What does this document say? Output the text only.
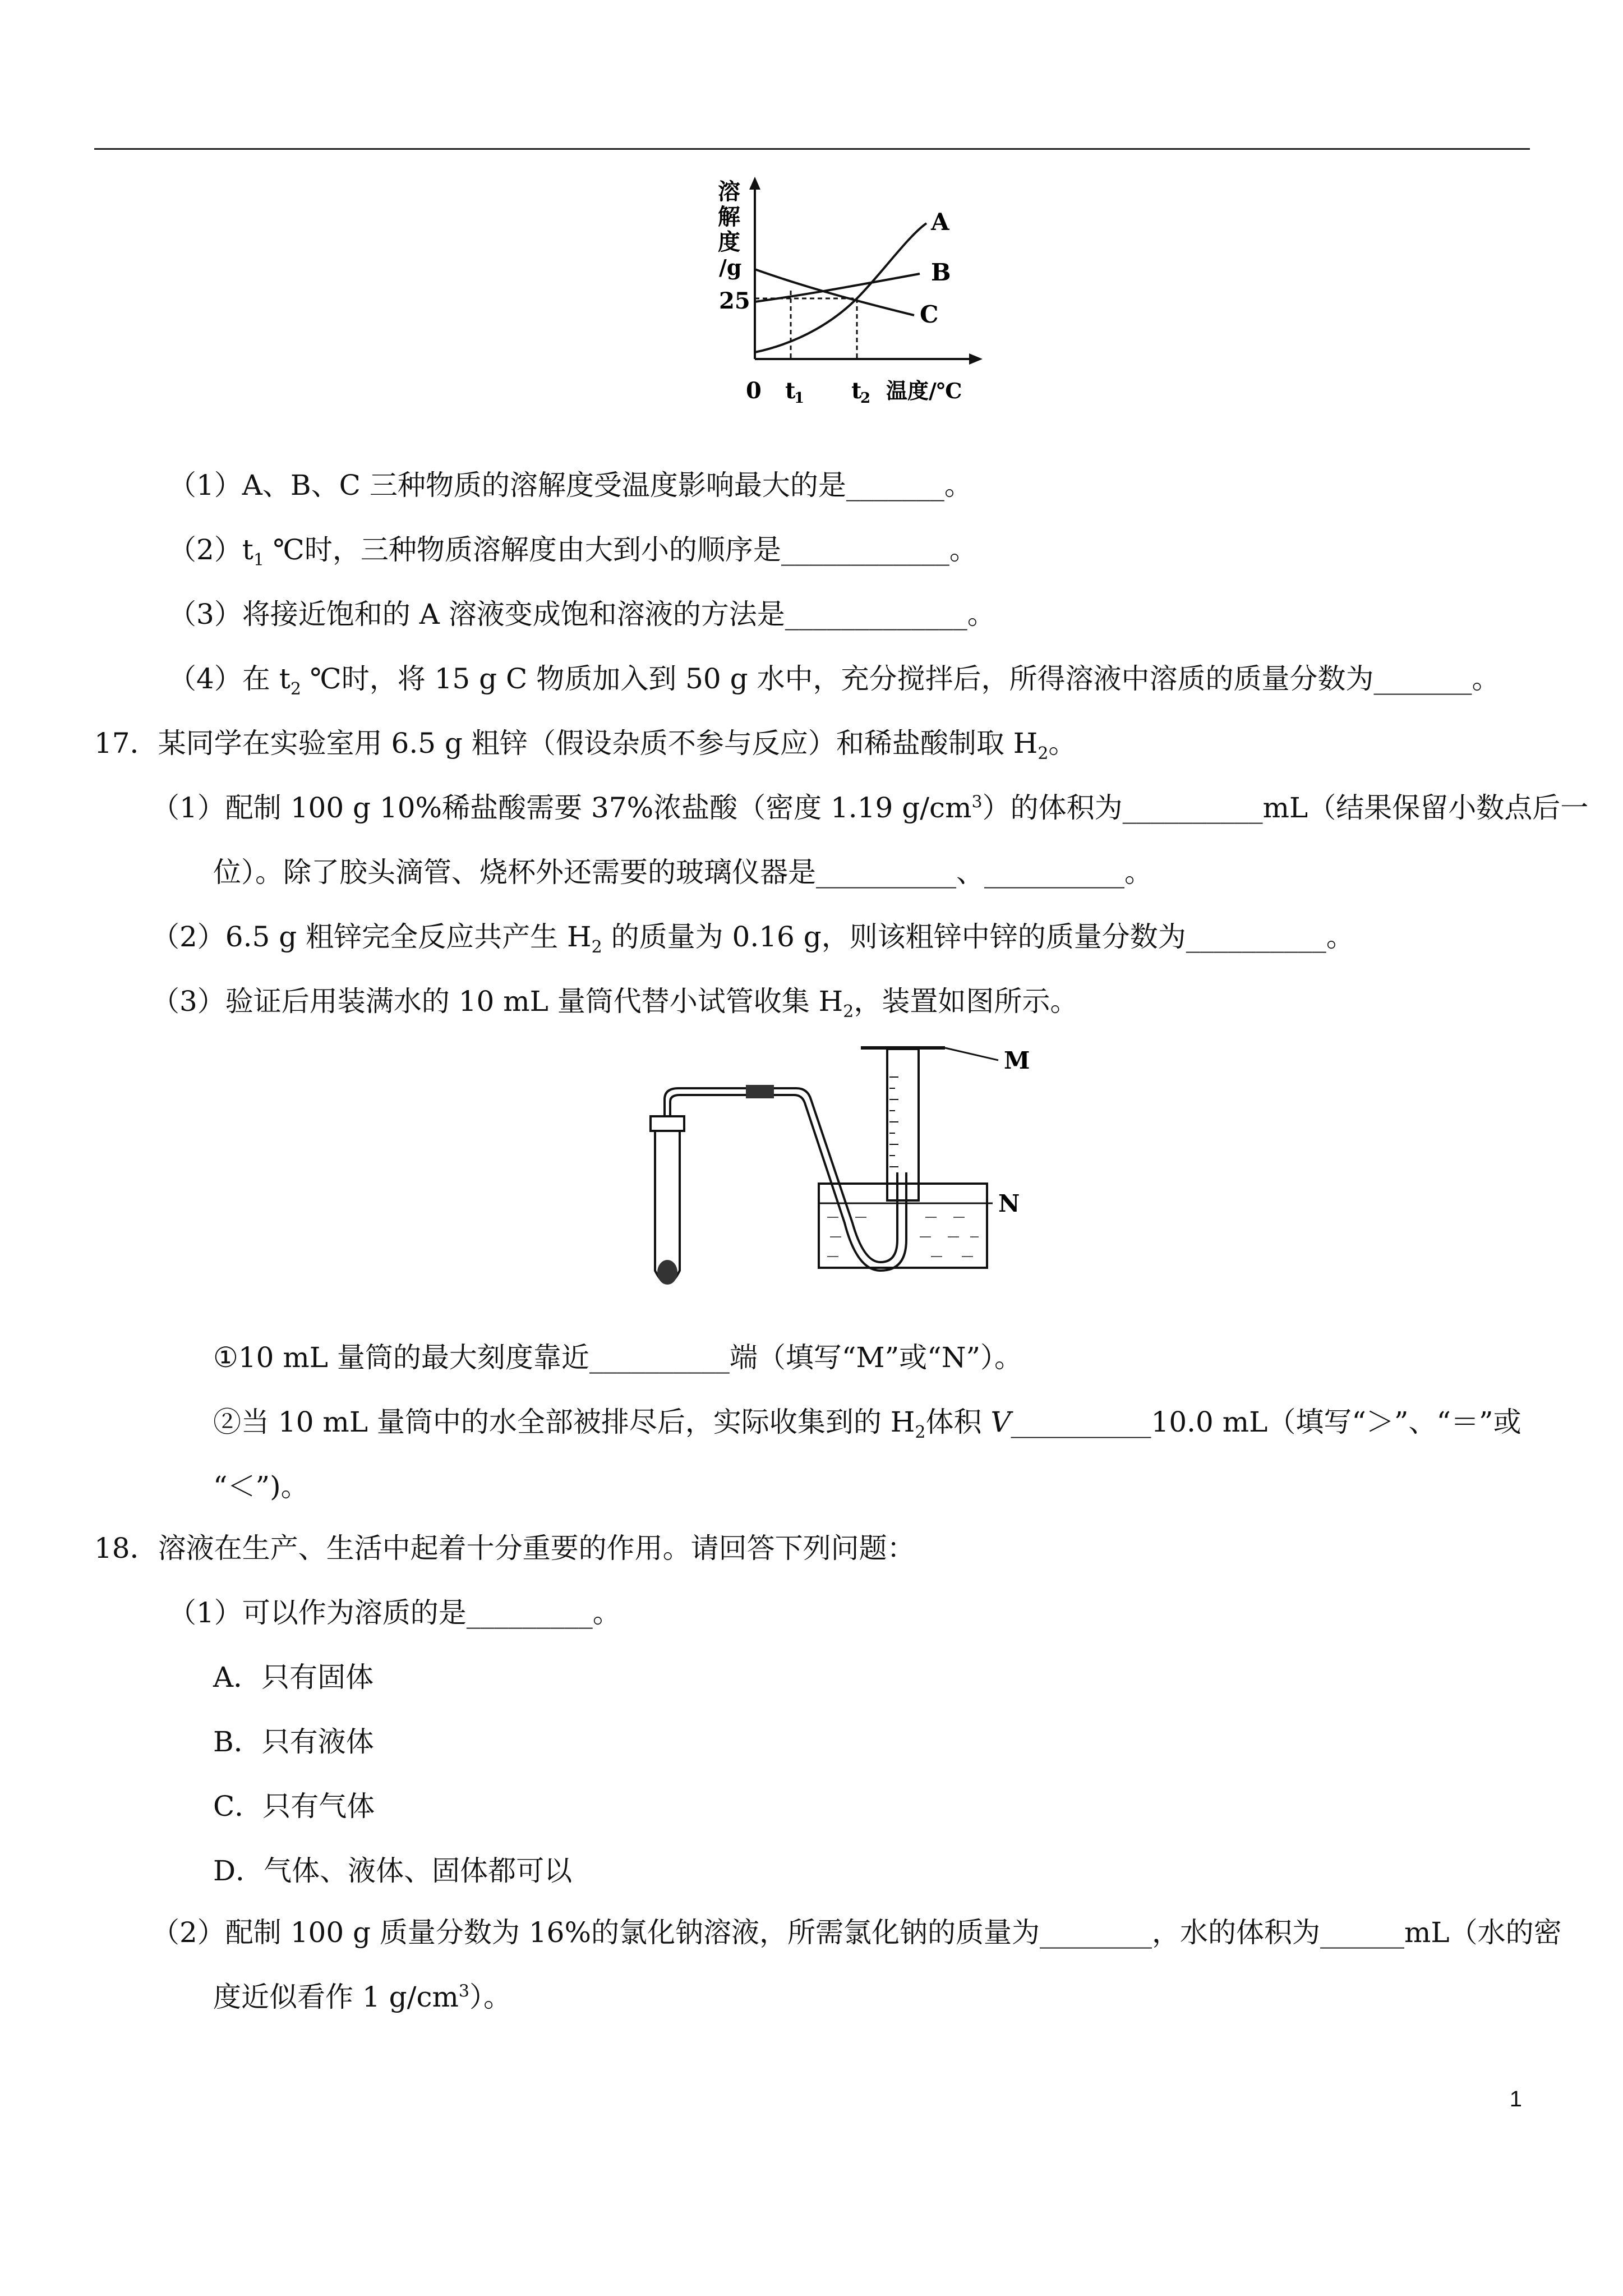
溶
解
度
/g
25
A
B
C
0 t
1 t
2 温度/℃
（1）A、B、C 三种物质的溶解度受温度影响最大的是_______。
$(2)t_1$ ℃时，三种物质溶解度由大到小的顺序是____________。
（3）将接近饱和的 A 溶液变成饱和溶液的方法是_____________。
（4）在 $t_2$ ℃时，将 15 g C 物质加入到 50 g 水中，充分搅拌后，所得溶液中溶质的质量分数为_______。
17．某同学在实验室用 6.5 g 粗锌（假设杂质不参与反应）和稀盐酸制取 $H_2$。
（1）配制 100 g 10%稀盐酸需要 37%浓盐酸（密度 1.19 $g/cm^3$）的体积为__________mL（结果保留小数点后一
位）。除了胶头滴管、烧杯外还需要的玻璃仪器是__________、__________。
（2）6.5 g 粗锌完全反应共产生 $H_2$ 的质量为 0.16 g，则该粗锌中锌的质量分数为__________。
（3）验证后用装满水的 10 mL 量筒代替小试管收集 $H_2$，装置如图所示。
M
N
①10 mL 量筒的最大刻度靠近__________端（填写“M”或“N”）。
②当 10 mL 量筒中的水全部被排尽后，实际收集到的 $H_2$体积 V__________10.0 mL（填写“＞”、“＝”或
“＜”)。
18．溶液在生产、生活中起着十分重要的作用。请回答下列问题：
（1）可以作为溶质的是_________。
A．只有固体
B．只有液体
C．只有气体
D．气体、液体、固体都可以
（2）配制 100 g 质量分数为 16%的氯化钠溶液，所需氯化钠的质量为________，水的体积为______mL（水的密
度近似看作 1 $g/cm^3$）。
1
